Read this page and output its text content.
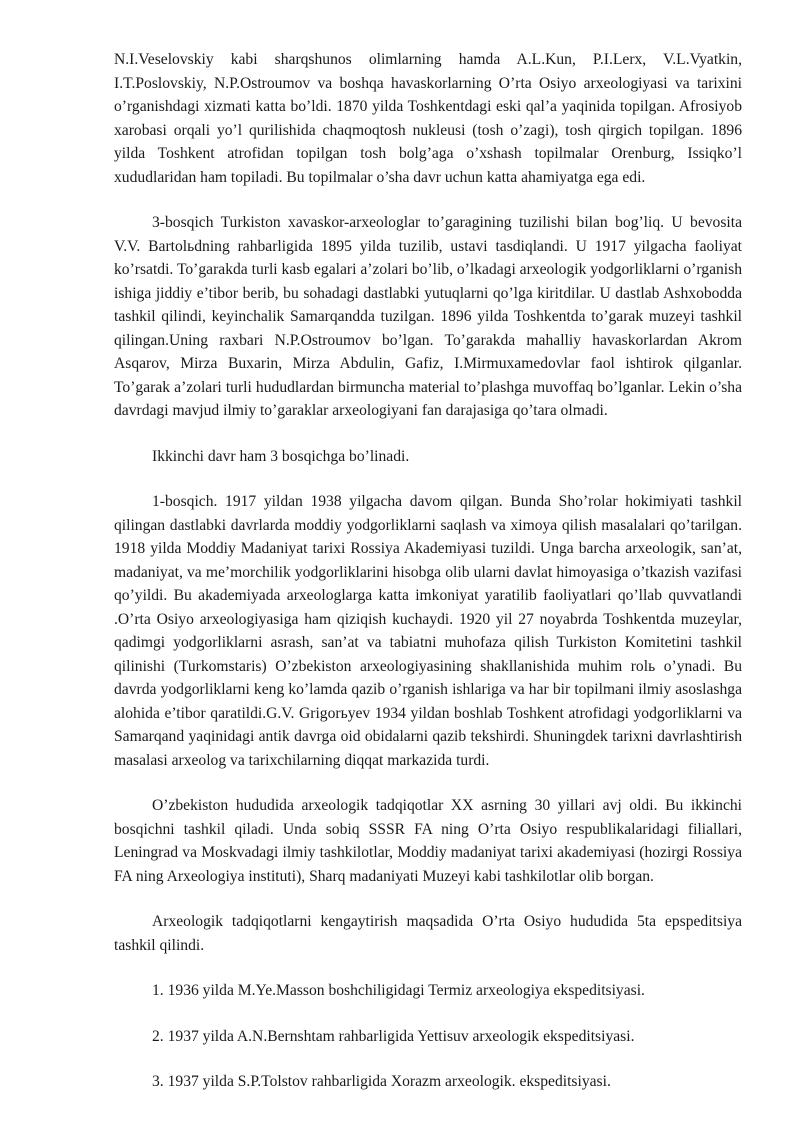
N.I.Veselovskiy kabi sharqshunos olimlarning hamda A.L.Kun, P.I.Lerx, V.L.Vyatkin, I.T.Poslovskiy, N.P.Ostroumov va boshqa havaskorlarning O’rta Osiyo arxeologiyasi va tarixini o’rganishdagi xizmati katta bo’ldi. 1870 yilda Toshkentdagi eski qal’a yaqinida topilgan. Afrosiyob xarobasi orqali yo’l qurilishida chaqmoqtosh nukleusi (tosh o’zagi), tosh qirgich topilgan. 1896 yilda Toshkent atrofidan topilgan tosh bolg’aga o’xshash topilmalar Orenburg, Issiqko’l xududlaridan ham topiladi. Bu topilmalar o’sha davr uchun katta ahamiyatga ega edi.

3-bosqich Turkiston xavaskor-arxeologlar to’garagining tuzilishi bilan bog’liq. U bevosita V.V. Bartolьdning rahbarligida 1895 yilda tuzilib, ustavi tasdiqlandi. U 1917 yilgacha faoliyat ko’rsatdi. To’garakda turli kasb egalari a’zolari bo’lib, o’lkadagi arxeologik yodgorliklarni o’rganish ishiga jiddiy e’tibor berib, bu sohadagi dastlabki yutuqlarni qo’lga kiritdilar. U dastlab Ashxobodda tashkil qilindi, keyinchalik Samarqandda tuzilgan. 1896 yilda Toshkentda to’garak muzeyi tashkil qilingan.Uning raxbari N.P.Ostroumov bo’lgan. To’garakda mahalliy havaskorlardan Akrom Asqarov, Mirza Buxarin, Mirza Abdulin, Gafiz, I.Mirmuxamedovlar faol ishtirok qilganlar. To’garak a’zolari turli hududlardan birmuncha material to’plashga muvoffaq bo’lganlar. Lekin o’sha davrdagi mavjud ilmiy to’garaklar arxeologiyani fan darajasiga qo’tara olmadi.

Ikkinchi davr ham 3 bosqichga bo’linadi.

1-bosqich. 1917 yildan 1938 yilgacha davom qilgan. Bunda Sho’rolar hokimiyati tashkil qilingan dastlabki davrlarda moddiy yodgorliklarni saqlash va ximoya qilish masalalari qo’tarilgan. 1918 yilda Moddiy Madaniyat tarixi Rossiya Akademiyasi tuzildi. Unga barcha arxeologik, san’at, madaniyat, va me’morchilik yodgorliklarini hisobga olib ularni davlat himoyasiga o’tkazish vazifasi qo’yildi. Bu akademiyada arxeologlarga katta imkoniyat yaratilib faoliyatlari qo’llab quvvatlandi .O’rta Osiyo arxeologiyasiga ham qiziqish kuchaydi. 1920 yil 27 noyabrda Toshkentda muzeylar, qadimgi yodgorliklarni asrash, san’at va tabiatni muhofaza qilish Turkiston Komitetini tashkil qilinishi (Turkomstaris) O’zbekiston arxeologiyasining shakllanishida muhim rolь o’ynadi. Bu davrda yodgorliklarni keng ko’lamda qazib o’rganish ishlariga va har bir topilmani ilmiy asoslashga alohida e’tibor qaratildi.G.V. Grigorьyev 1934 yildan boshlab Toshkent atrofidagi yodgorliklarni va Samarqand yaqinidagi antik davrga oid obidalarni qazib tekshirdi. Shuningdek tarixni davrlashtirish masalasi arxeolog va tarixchilarning diqqat markazida turdi.

O’zbekiston hududida arxeologik tadqiqotlar XX asrning 30 yillari avj oldi. Bu ikkinchi bosqichni tashkil qiladi. Unda sobiq SSSR FA ning O’rta Osiyo respublikalaridagi filiallari, Leningrad va Moskvadagi ilmiy tashkilotlar, Moddiy madaniyat tarixi akademiyasi (hozirgi Rossiya FA ning Arxeologiya instituti), Sharq madaniyati Muzeyi kabi tashkilotlar olib borgan.

Arxeologik tadqiqotlarni kengaytirish maqsadida O’rta Osiyo hududida 5ta epspeditsiya tashkil qilindi.

1. 1936 yilda M.Ye.Masson boshchiligidagi Termiz arxeologiya ekspeditsiyasi.

2. 1937 yilda A.N.Bernshtam rahbarligida Yettisuv arxeologik ekspeditsiyasi.

3. 1937 yilda S.P.Tolstov rahbarligida Xorazm arxeologik. ekspeditsiyasi.
